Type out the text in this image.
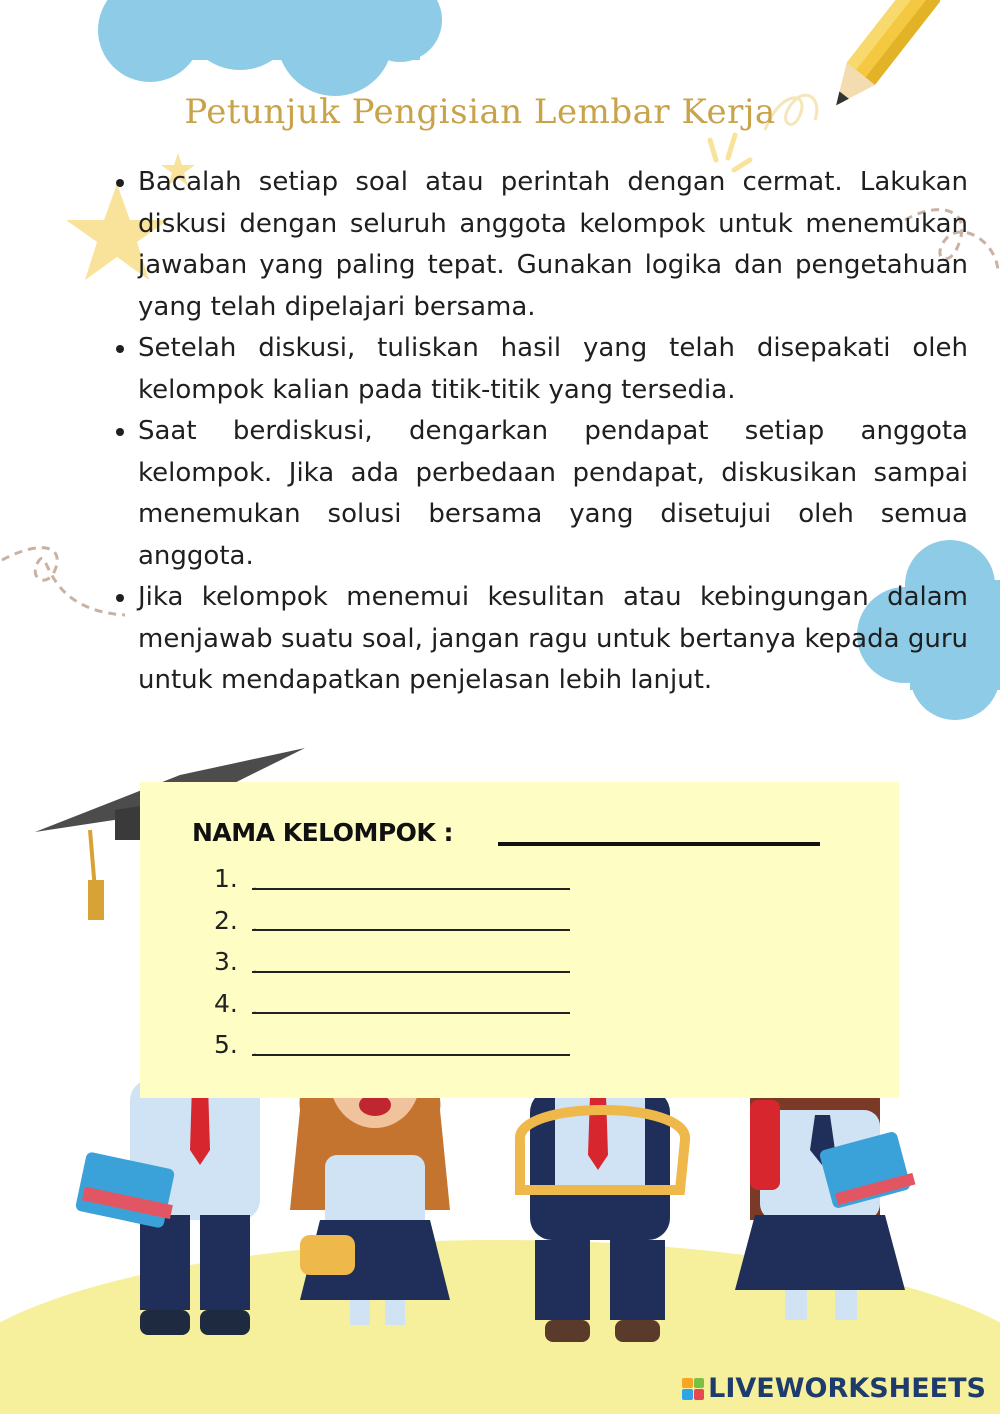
Petunjuk Pengisian Lembar Kerja
• Bacalah setiap soal atau perintah dengan cermat. Lakukan diskusi dengan seluruh anggota kelompok untuk menemukan jawaban yang paling tepat. Gunakan logika dan pengetahuan yang telah dipelajari bersama.
• Setelah diskusi, tuliskan hasil yang telah disepakati oleh kelompok kalian pada titik-titik yang tersedia.
• Saat berdiskusi, dengarkan pendapat setiap anggota kelompok. Jika ada perbedaan pendapat, diskusikan sampai menemukan solusi bersama yang disetujui oleh semua anggota.
• Jika kelompok menemui kesulitan atau kebingungan dalam menjawab suatu soal, jangan ragu untuk bertanya kepada guru untuk mendapatkan penjelasan lebih lanjut.
NAMA KELOMPOK :
1. .
2. .
3. .
4. .
5. .
LIVEWORKSHEETS
